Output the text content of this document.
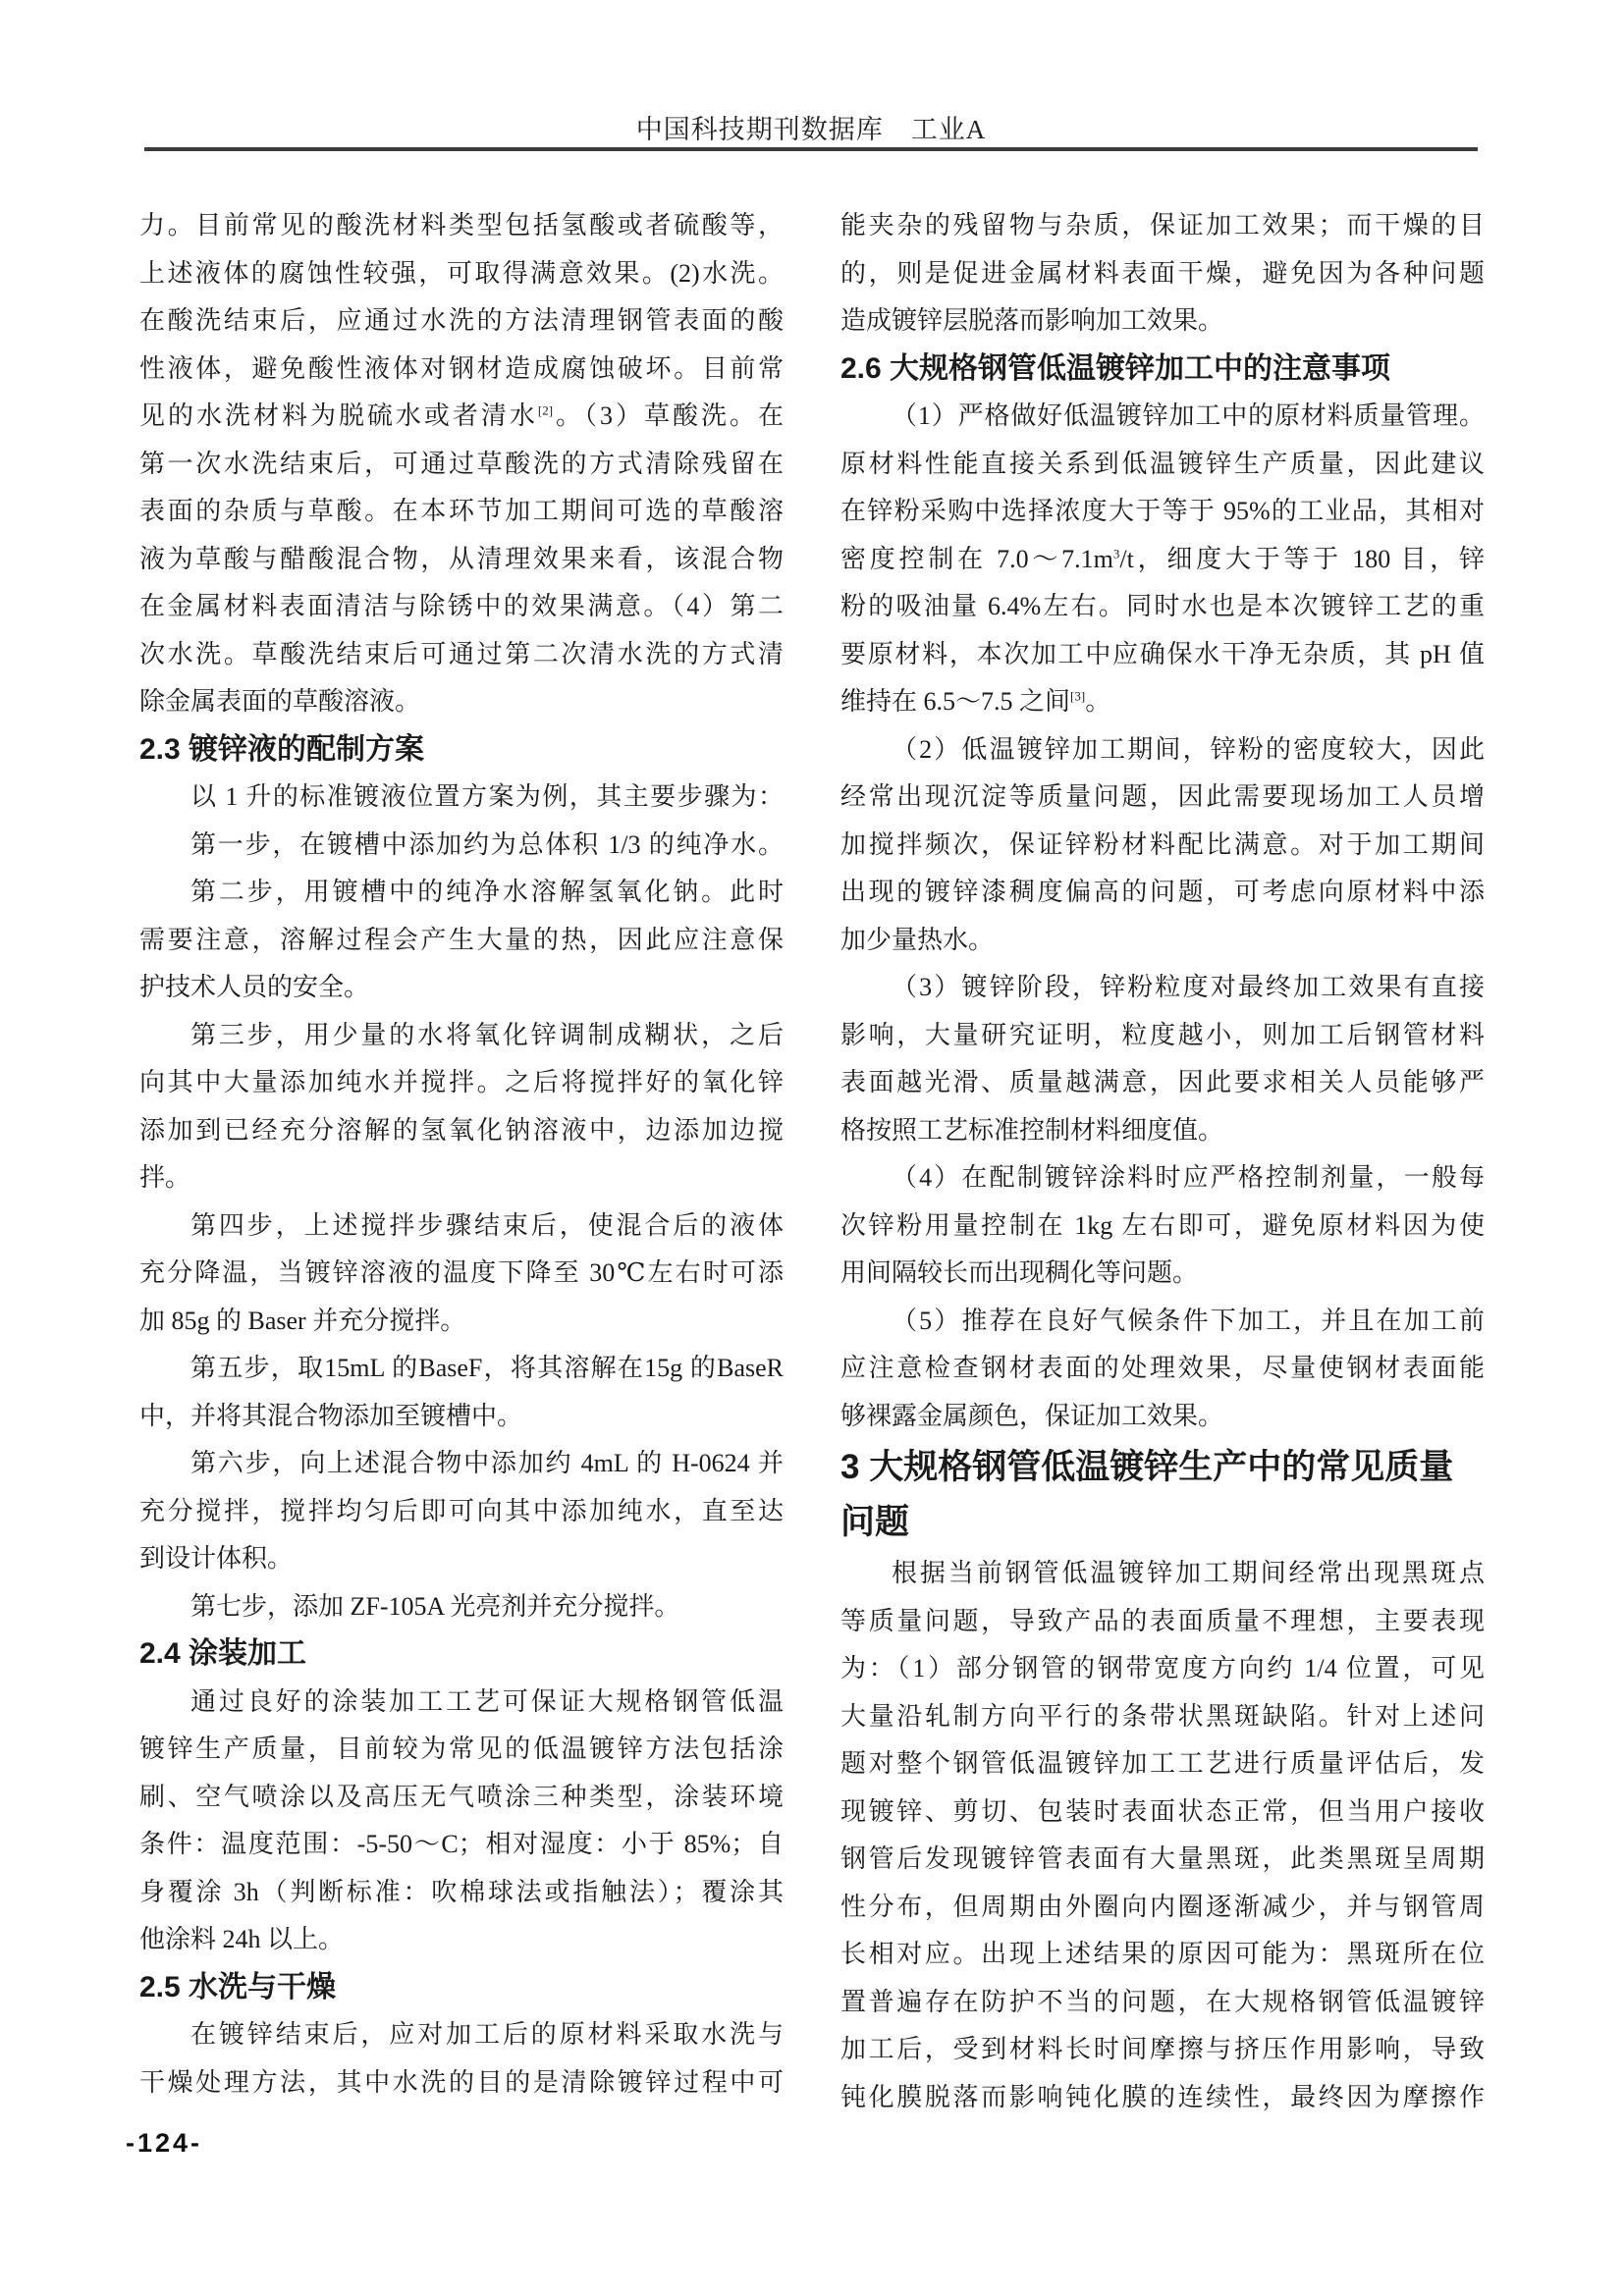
中国科技期刊数据库　工业A
力。目前常见的酸洗材料类型包括氢酸或者硫酸等，
上述液体的腐蚀性较强，可取得满意效果。(2)水洗。
在酸洗结束后，应通过水洗的方法清理钢管表面的酸
性液体，避免酸性液体对钢材造成腐蚀破坏。目前常
见的水洗材料为脱硫水或者清水[2]。（3）草酸洗。在
第一次水洗结束后，可通过草酸洗的方式清除残留在
表面的杂质与草酸。在本环节加工期间可选的草酸溶
液为草酸与醋酸混合物，从清理效果来看，该混合物
在金属材料表面清洁与除锈中的效果满意。（4）第二
次水洗。草酸洗结束后可通过第二次清水洗的方式清
除金属表面的草酸溶液。
2.3 镀锌液的配制方案
以 1 升的标准镀液位置方案为例，其主要步骤为：
第一步，在镀槽中添加约为总体积 1/3 的纯净水。
第二步，用镀槽中的纯净水溶解氢氧化钠。此时
需要注意，溶解过程会产生大量的热，因此应注意保
护技术人员的安全。
第三步，用少量的水将氧化锌调制成糊状，之后
向其中大量添加纯水并搅拌。之后将搅拌好的氧化锌
添加到已经充分溶解的氢氧化钠溶液中，边添加边搅
拌。
第四步，上述搅拌步骤结束后，使混合后的液体
充分降温，当镀锌溶液的温度下降至 30℃左右时可添
加 85g 的 Baser 并充分搅拌。
第五步，取15mL 的BaseF，将其溶解在15g 的BaseR
中，并将其混合物添加至镀槽中。
第六步，向上述混合物中添加约 4mL 的 H-0624 并
充分搅拌，搅拌均匀后即可向其中添加纯水，直至达
到设计体积。
第七步，添加 ZF-105A 光亮剂并充分搅拌。
2.4 涂装加工
通过良好的涂装加工工艺可保证大规格钢管低温
镀锌生产质量，目前较为常见的低温镀锌方法包括涂
刷、空气喷涂以及高压无气喷涂三种类型，涂装环境
条件：温度范围：-5-50～C；相对湿度：小于 85%；自
身覆涂 3h（判断标准：吹棉球法或指触法）；覆涂其
他涂料 24h 以上。
2.5 水洗与干燥
在镀锌结束后，应对加工后的原材料采取水洗与
干燥处理方法，其中水洗的目的是清除镀锌过程中可
能夹杂的残留物与杂质，保证加工效果；而干燥的目
的，则是促进金属材料表面干燥，避免因为各种问题
造成镀锌层脱落而影响加工效果。
2.6 大规格钢管低温镀锌加工中的注意事项
（1）严格做好低温镀锌加工中的原材料质量管理。
原材料性能直接关系到低温镀锌生产质量，因此建议
在锌粉采购中选择浓度大于等于 95%的工业品，其相对
密度控制在 $7.0\sim 7.1m^3/t$，细度大于等于 180 目，锌
粉的吸油量 6.4%左右。同时水也是本次镀锌工艺的重
要原材料，本次加工中应确保水干净无杂质，其 pH 值
维持在 6.5～7.5 之间[3]。
（2）低温镀锌加工期间，锌粉的密度较大，因此
经常出现沉淀等质量问题，因此需要现场加工人员增
加搅拌频次，保证锌粉材料配比满意。对于加工期间
出现的镀锌漆稠度偏高的问题，可考虑向原材料中添
加少量热水。
（3）镀锌阶段，锌粉粒度对最终加工效果有直接
影响，大量研究证明，粒度越小，则加工后钢管材料
表面越光滑、质量越满意，因此要求相关人员能够严
格按照工艺标准控制材料细度值。
（4）在配制镀锌涂料时应严格控制剂量，一般每
次锌粉用量控制在 1kg 左右即可，避免原材料因为使
用间隔较长而出现稠化等问题。
（5）推荐在良好气候条件下加工，并且在加工前
应注意检查钢材表面的处理效果，尽量使钢材表面能
够裸露金属颜色，保证加工效果。
3 大规格钢管低温镀锌生产中的常见质量
问题
根据当前钢管低温镀锌加工期间经常出现黑斑点
等质量问题，导致产品的表面质量不理想，主要表现
为：（1）部分钢管的钢带宽度方向约 1/4 位置，可见
大量沿轧制方向平行的条带状黑斑缺陷。针对上述问
题对整个钢管低温镀锌加工工艺进行质量评估后，发
现镀锌、剪切、包装时表面状态正常，但当用户接收
钢管后发现镀锌管表面有大量黑斑，此类黑斑呈周期
性分布，但周期由外圈向内圈逐渐减少，并与钢管周
长相对应。出现上述结果的原因可能为：黑斑所在位
置普遍存在防护不当的问题，在大规格钢管低温镀锌
加工后，受到材料长时间摩擦与挤压作用影响，导致
钝化膜脱落而影响钝化膜的连续性，最终因为摩擦作
-124-
